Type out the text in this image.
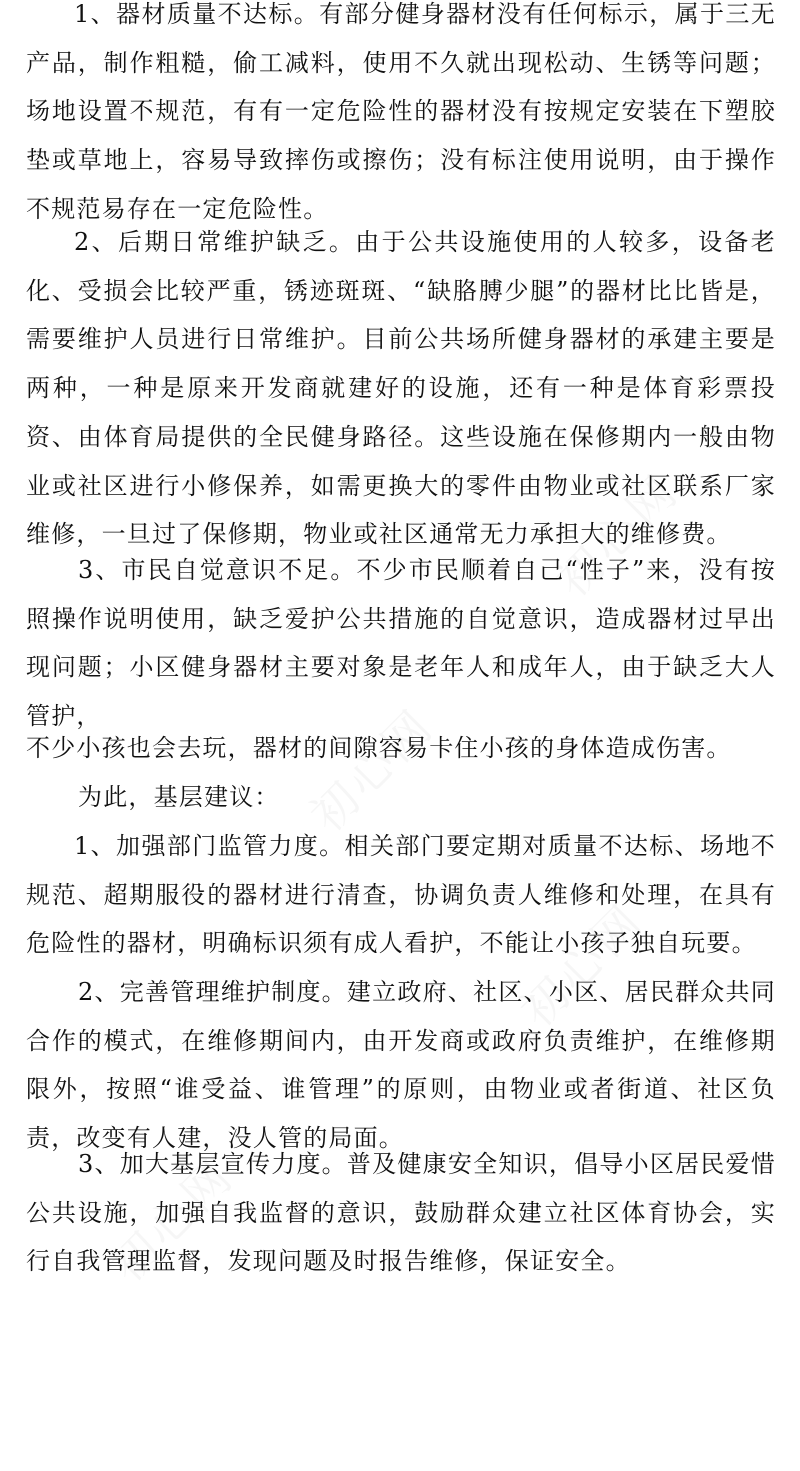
初心网
初心网
初心网
初心网

1、器材质量不达标。有部分健身器材没有任何标示，属于三无产品，制作粗糙，偷工减料，使用不久就出现松动、生锈等问题；场地设置不规范，有有一定危险性的器材没有按规定安装在下塑胶垫或草地上，容易导致摔伤或擦伤；没有标注使用说明，由于操作不规范易存在一定危险性。

2、后期日常维护缺乏。由于公共设施使用的人较多，设备老化、受损会比较严重，锈迹斑斑、“缺胳膊少腿”的器材比比皆是，需要维护人员进行日常维护。目前公共场所健身器材的承建主要是两种，一种是原来开发商就建好的设施，还有一种是体育彩票投资、由体育局提供的全民健身路径。这些设施在保修期内一般由物业或社区进行小修保养，如需更换大的零件由物业或社区联系厂家维修，一旦过了保修期，物业或社区通常无力承担大的维修费。

3、市民自觉意识不足。不少市民顺着自己“性子”来，没有按照操作说明使用，缺乏爱护公共措施的自觉意识，造成器材过早出现问题；小区健身器材主要对象是老年人和成年人，由于缺乏大人管护，

不少小孩也会去玩，器材的间隙容易卡住小孩的身体造成伤害。

为此，基层建议：

1、加强部门监管力度。相关部门要定期对质量不达标、场地不规范、超期服役的器材进行清查，协调负责人维修和处理，在具有危险性的器材，明确标识须有成人看护，不能让小孩子独自玩要。

2、完善管理维护制度。建立政府、社区、小区、居民群众共同合作的模式，在维修期间内，由开发商或政府负责维护，在维修期限外，按照“谁受益、谁管理”的原则，由物业或者街道、社区负责，改变有人建，没人管的局面。

3、加大基层宣传力度。普及健康安全知识，倡导小区居民爱惜公共设施，加强自我监督的意识，鼓励群众建立社区体育协会，实行自我管理监督，发现问题及时报告维修，保证安全。
